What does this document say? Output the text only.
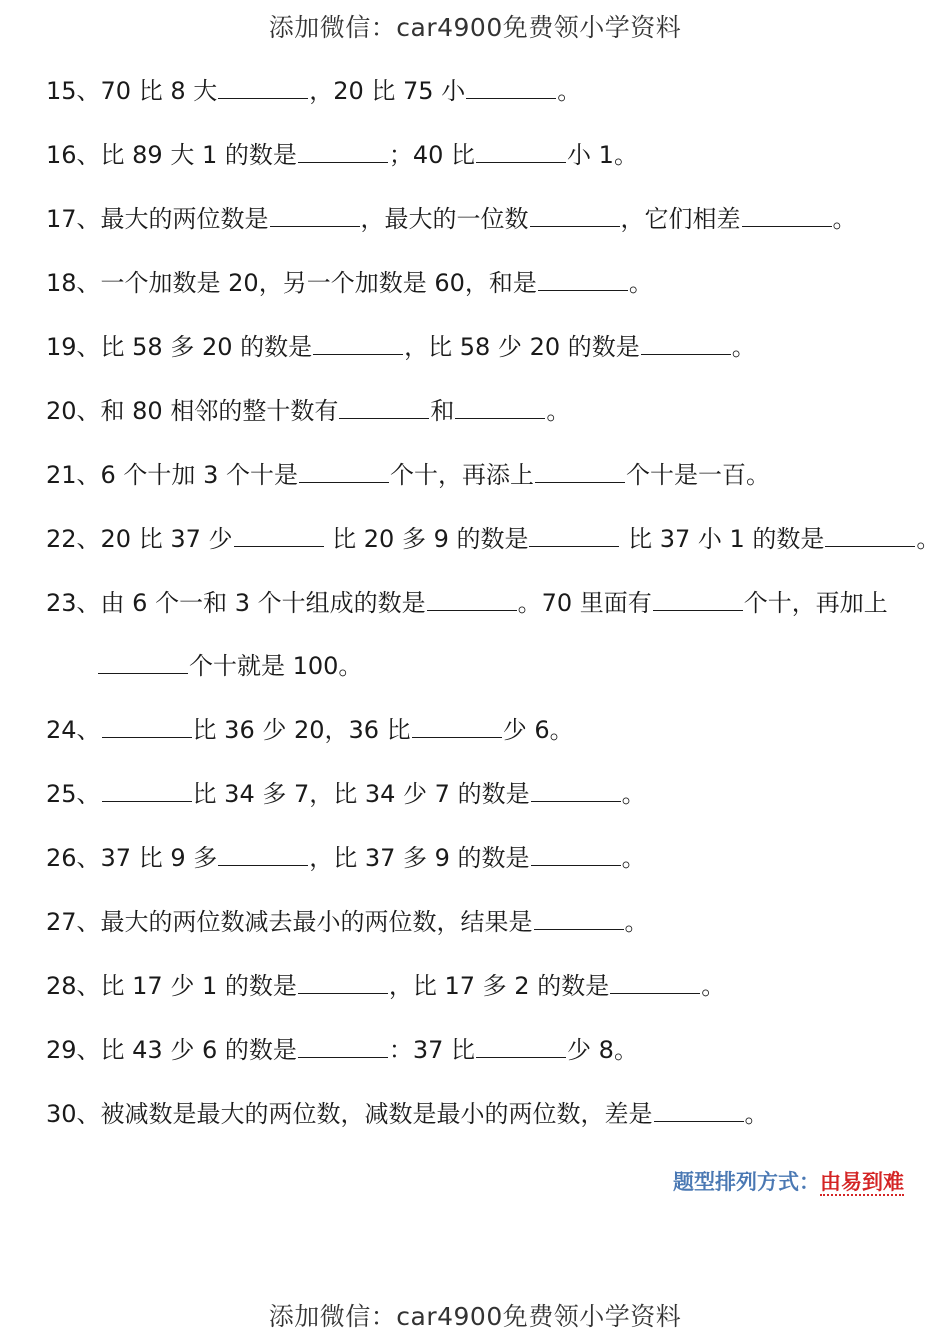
添加微信：car4900免费领小学资料
15、70 比 8 大	，20 比 75 小	。
16、比 89 大 1 的数是	；40 比	小 1。
17、最大的两位数是	，最大的一位数	，它们相差	。
18、一个加数是 20，另一个加数是 60，和是	。
19、比 58 多 20 的数是	，比 58 少 20 的数是	。
20、和 80 相邻的整十数有	和	。
21、6 个十加 3 个十是	个十，再添上	个十是一百。
22、20 比 37 少	比 20 多 9 的数是	比 37 小 1 的数是	。
23、由 6 个一和 3 个十组成的数是	。70 里面有	个十，再加上
个十就是 100。
24、	比 36 少 20，36 比	少 6。
25、	比 34 多 7，比 34 少 7 的数是	。
26、37 比 9 多	，比 37 多 9 的数是	。
27、最大的两位数减去最小的两位数，结果是	。
28、比 17 少 1 的数是	，比 17 多 2 的数是	。
29、比 43 少 6 的数是	：37 比	少 8。
30、被减数是最大的两位数，减数是最小的两位数，差是	。
题型排列方式：由易到难
添加微信：car4900免费领小学资料
